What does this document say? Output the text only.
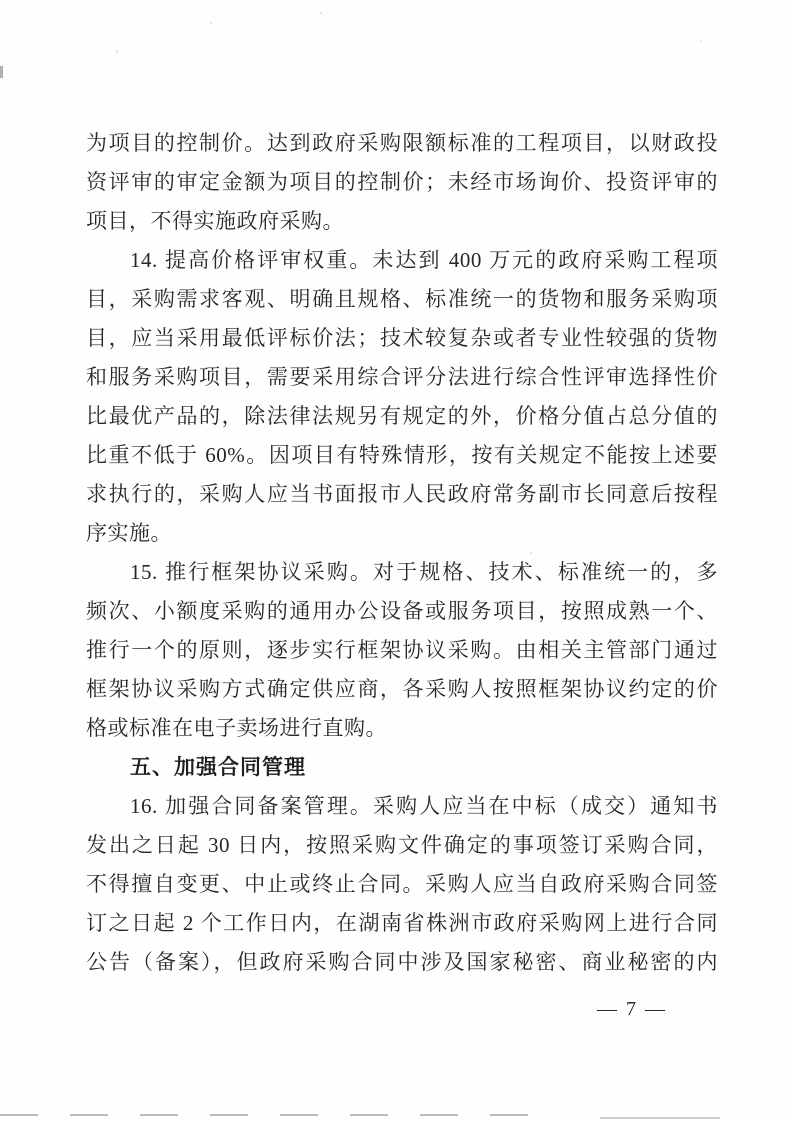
为项目的控制价。达到政府采购限额标准的工程项目，以财政投
资评审的审定金额为项目的控制价；未经市场询价、投资评审的
项目，不得实施政府采购。
14. 提高价格评审权重。未达到 400 万元的政府采购工程项
目，采购需求客观、明确且规格、标准统一的货物和服务采购项
目，应当采用最低评标价法；技术较复杂或者专业性较强的货物
和服务采购项目，需要采用综合评分法进行综合性评审选择性价
比最优产品的，除法律法规另有规定的外，价格分值占总分值的
比重不低于 60%。因项目有特殊情形，按有关规定不能按上述要
求执行的，采购人应当书面报市人民政府常务副市长同意后按程
序实施。
15. 推行框架协议采购。对于规格、技术、标准统一的，多
频次、小额度采购的通用办公设备或服务项目，按照成熟一个、
推行一个的原则，逐步实行框架协议采购。由相关主管部门通过
框架协议采购方式确定供应商，各采购人按照框架协议约定的价
格或标准在电子卖场进行直购。
五、加强合同管理
16. 加强合同备案管理。采购人应当在中标（成交）通知书
发出之日起 30 日内，按照采购文件确定的事项签订采购合同，
不得擅自变更、中止或终止合同。采购人应当自政府采购合同签
订之日起 2 个工作日内，在湖南省株洲市政府采购网上进行合同
公告（备案），但政府采购合同中涉及国家秘密、商业秘密的内
— 7 —
